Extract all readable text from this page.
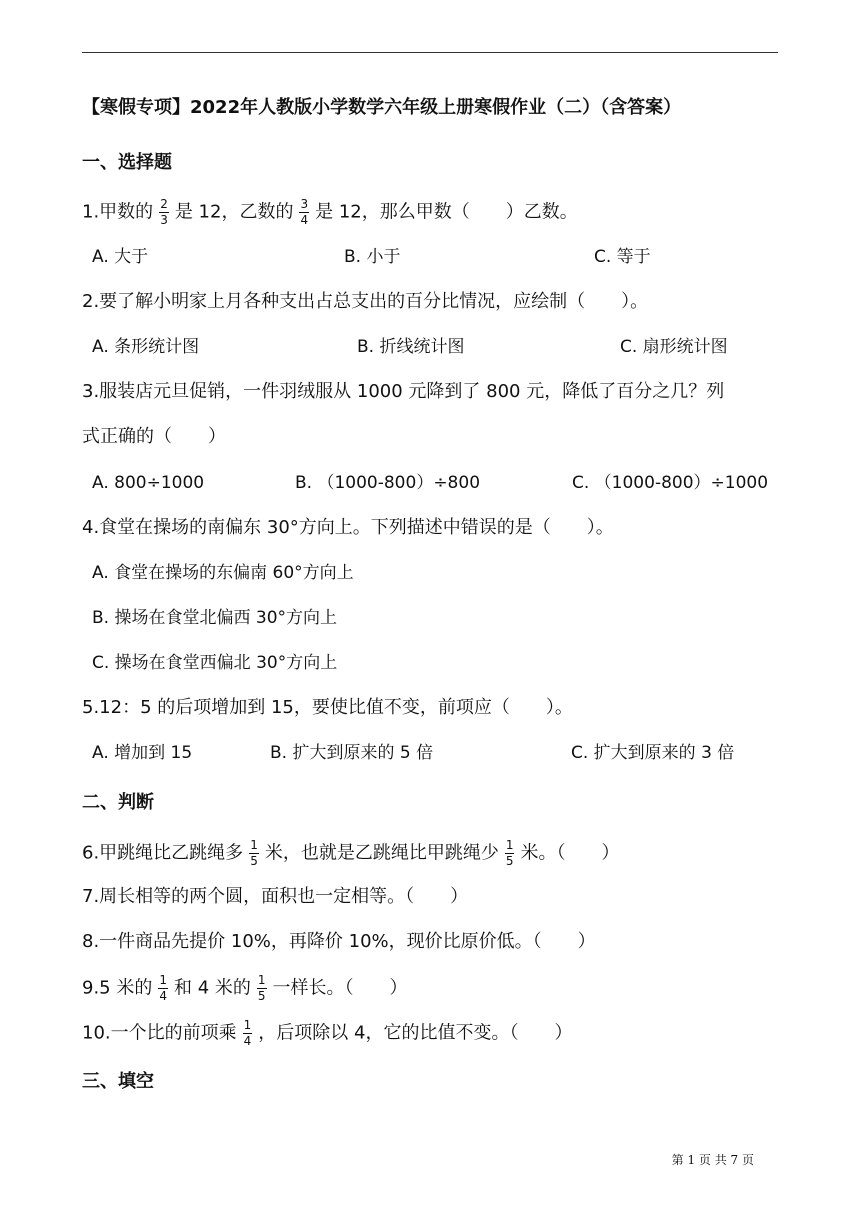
【寒假专项】2022年人教版小学数学六年级上册寒假作业（二）（含答案）
一、选择题
1.甲数的 $\frac{2}{3}$ 是 12，乙数的 $\frac{3}{4}$ 是 12，那么甲数（　　）乙数。
A. 大于	B. 小于	C. 等于
2.要了解小明家上月各种支出占总支出的百分比情况，应绘制（　　）。
A. 条形统计图	B. 折线统计图	C. 扇形统计图
3.服装店元旦促销，一件羽绒服从 1000 元降到了 800 元，降低了百分之几？列
式正确的（　　）
A. 800÷1000	B. （1000-800）÷800	C. （1000-800）÷1000
4.食堂在操场的南偏东 30°方向上。下列描述中错误的是（　　）。
A. 食堂在操场的东偏南 60°方向上
B. 操场在食堂北偏西 30°方向上
C. 操场在食堂西偏北 30°方向上
5.12：5 的后项增加到 15，要使比值不变，前项应（　　）。
A. 增加到 15	B. 扩大到原来的 5 倍	C. 扩大到原来的 3 倍
二、判断
6.甲跳绳比乙跳绳多 $\frac{1}{5}$ 米，也就是乙跳绳比甲跳绳少 $\frac{1}{5}$ 米。（　　）
7.周长相等的两个圆，面积也一定相等。（　　）
8.一件商品先提价 10%，再降价 10%，现价比原价低。（　　）
9.5 米的 $\frac{1}{4}$ 和 4 米的 $\frac{1}{5}$ 一样长。（　　）
10.一个比的前项乘 $\frac{1}{4}$ ，后项除以 4，它的比值不变。（　　）
三、填空
第 1 页 共 7 页
